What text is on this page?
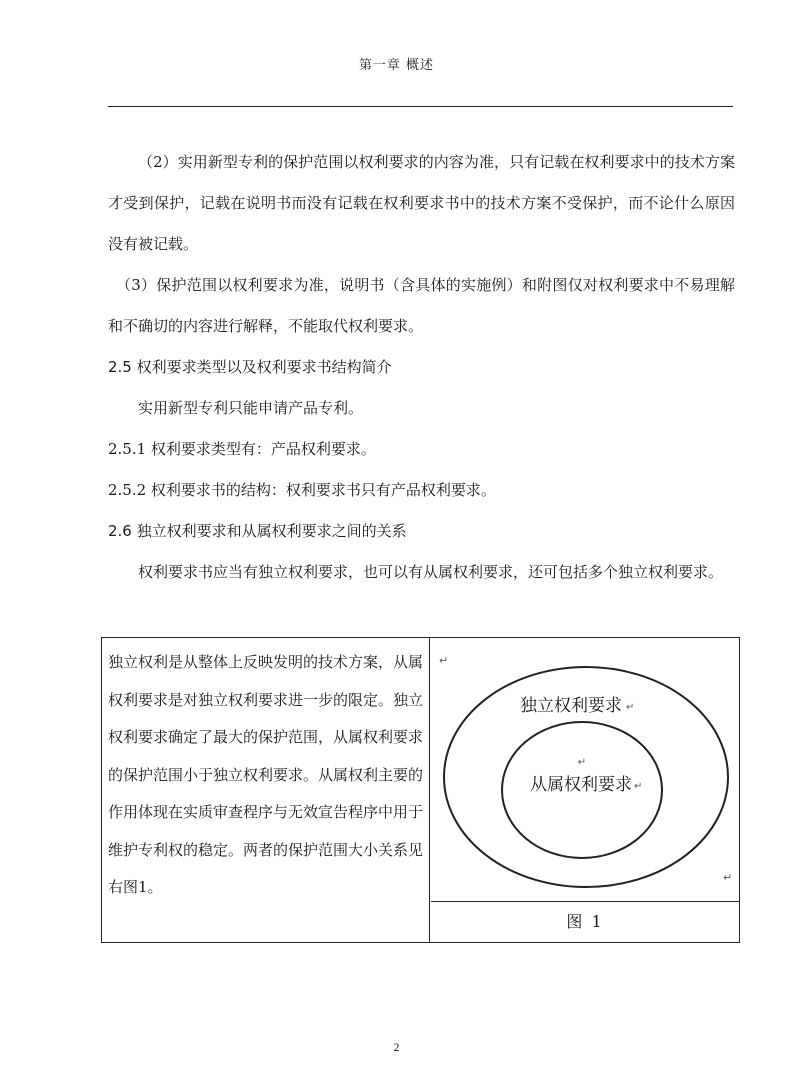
第一章 概述

（2）实用新型专利的保护范围以权利要求的内容为准，只有记载在权利要求中的技术方案才受到保护，记载在说明书而没有记载在权利要求书中的技术方案不受保护，而不论什么原因没有被记载。

（3）保护范围以权利要求为准，说明书（含具体的实施例）和附图仅对权利要求中不易理解和不确切的内容进行解释，不能取代权利要求。

2.5 权利要求类型以及权利要求书结构简介

实用新型专利只能申请产品专利。

2.5.1 权利要求类型有：产品权利要求。

2.5.2 权利要求书的结构：权利要求书只有产品权利要求。

2.6 独立权利要求和从属权利要求之间的关系

权利要求书应当有独立权利要求，也可以有从属权利要求，还可包括多个独立权利要求。

独立权利是从整体上反映发明的技术方案，从属权利要求是对独立权利要求进一步的限定。独立权利要求确定了最大的保护范围，从属权利要求的保护范围小于独立权利要求。从属权利主要的作用体现在实质审查程序与无效宣告程序中用于维护专利权的稳定。两者的保护范围大小关系见右图1。
↵
独立权利要求 ↵
↵
从属权利要求 ↵
↵
图 1
2
